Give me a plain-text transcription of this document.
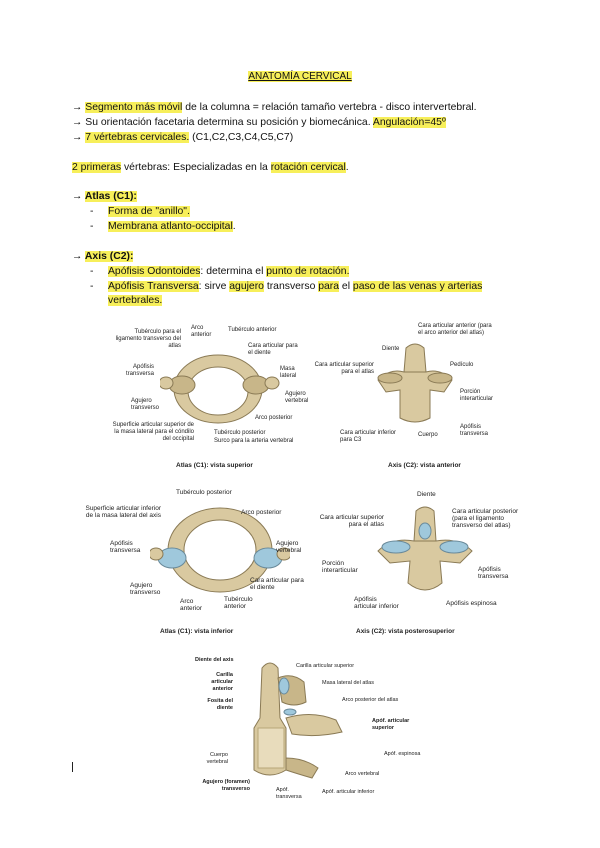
ANATOMÍA CERVICAL
→ Segmento más móvil de la columna = relación tamaño vertebra - disco intervertebral.
→ Su orientación facetaria determina su posición y biomecánica. Angulación=45º
→ 7 vértebras cervicales. (C1,C2,C3,C4,C5,C7)
2 primeras vértebras: Especializadas en la rotación cervical.
→ Atlas (C1):
- Forma de "anillo".
- Membrana atlanto-occipital.
→ Axis (C2):
- Apófisis Odontoides: determina el punto de rotación.
- Apófisis Transversa: sirve agujero transverso para el paso de las venas y arterias
vertebrales.
Tubérculo para el ligamento transverso del atlas
Arco anterior
Tubérculo anterior
Cara articular para el diente
Apófisis transversa
Masa lateral
Agujero vertebral
Agujero transverso
Arco posterior
Superficie articular superior de la masa lateral para el cóndilo del occipital
Tubérculo posterior
Surco para la arteria vertebral
Atlas (C1): vista superior
Cara articular anterior (para el arco anterior del atlas)
Diente
Cara articular superior para el atlas
Pedículo
Porción interarticular
Cara articular inferior para C3
Cuerpo
Apófisis transversa
Axis (C2): vista anterior
Tubérculo posterior
Arco posterior
Superficie articular inferior de la masa lateral del axis
Apófisis transversa
Agujero vertebral
Agujero transverso
Cara articular para el diente
Arco anterior
Tubérculo anterior
Atlas (C1): vista inferior
Diente
Cara articular superior para el atlas
Cara articular posterior (para el ligamento transverso del atlas)
Porción interarticular	Apófisis transversa
Apófisis articular inferior	Apófisis espinosa
Axis (C2): vista posterosuperior
Diente del axis
Carilla articular anterior
Fosita del diente
Cuerpo vertebral
Agujero (foramen) transverso
Carilla articular superior
Masa lateral del atlas
Arco posterior del atlas
Apóf. articular superior
Apóf. espinosa
Arco vertebral
Apóf. articular inferior
Apóf. transversa
